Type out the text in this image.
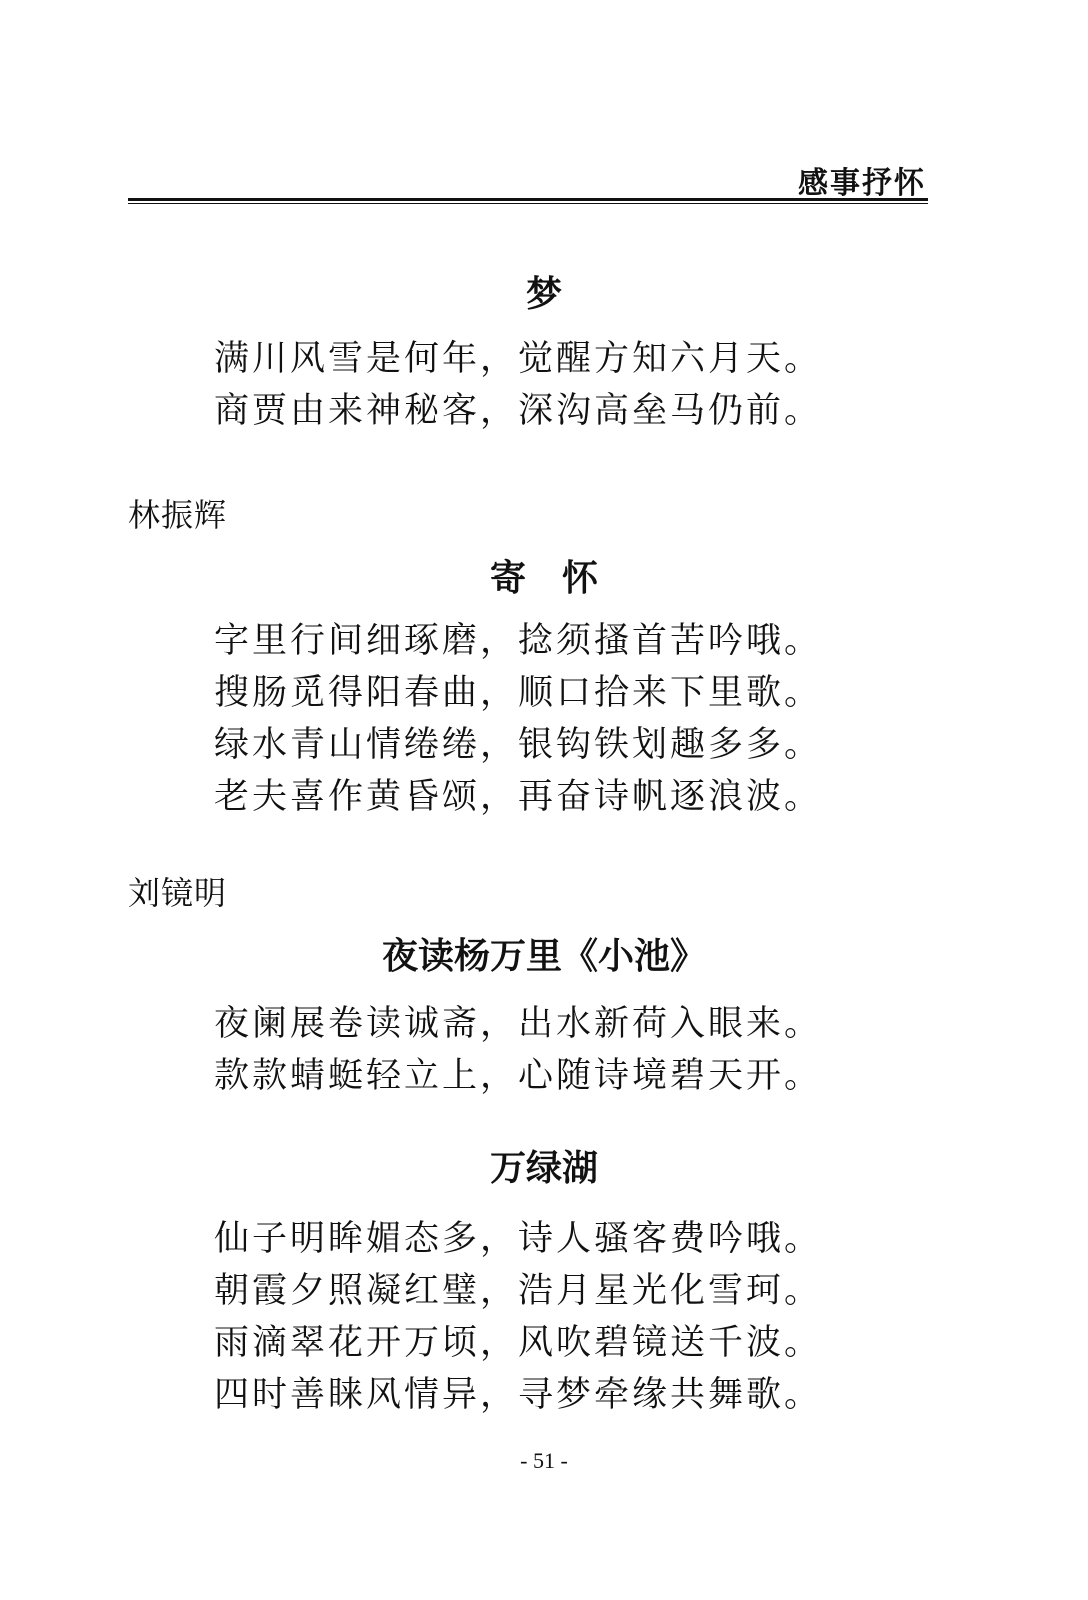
感事抒怀
梦
满川风雪是何年，觉醒方知六月天。
商贾由来神秘客，深沟高垒马仍前。
林振辉
寄　怀
字里行间细琢磨，捻须搔首苦吟哦。
搜肠觅得阳春曲，顺口拾来下里歌。
绿水青山情绻绻，银钩铁划趣多多。
老夫喜作黄昏颂，再奋诗帆逐浪波。
刘镜明
夜读杨万里《小池》
夜阑展卷读诚斋，出水新荷入眼来。
款款蜻蜓轻立上，心随诗境碧天开。
万绿湖
仙子明眸媚态多，诗人骚客费吟哦。
朝霞夕照凝红璧，浩月星光化雪珂。
雨滴翠花开万顷，风吹碧镜送千波。
四时善睐风情异，寻梦牵缘共舞歌。
- 51 -
